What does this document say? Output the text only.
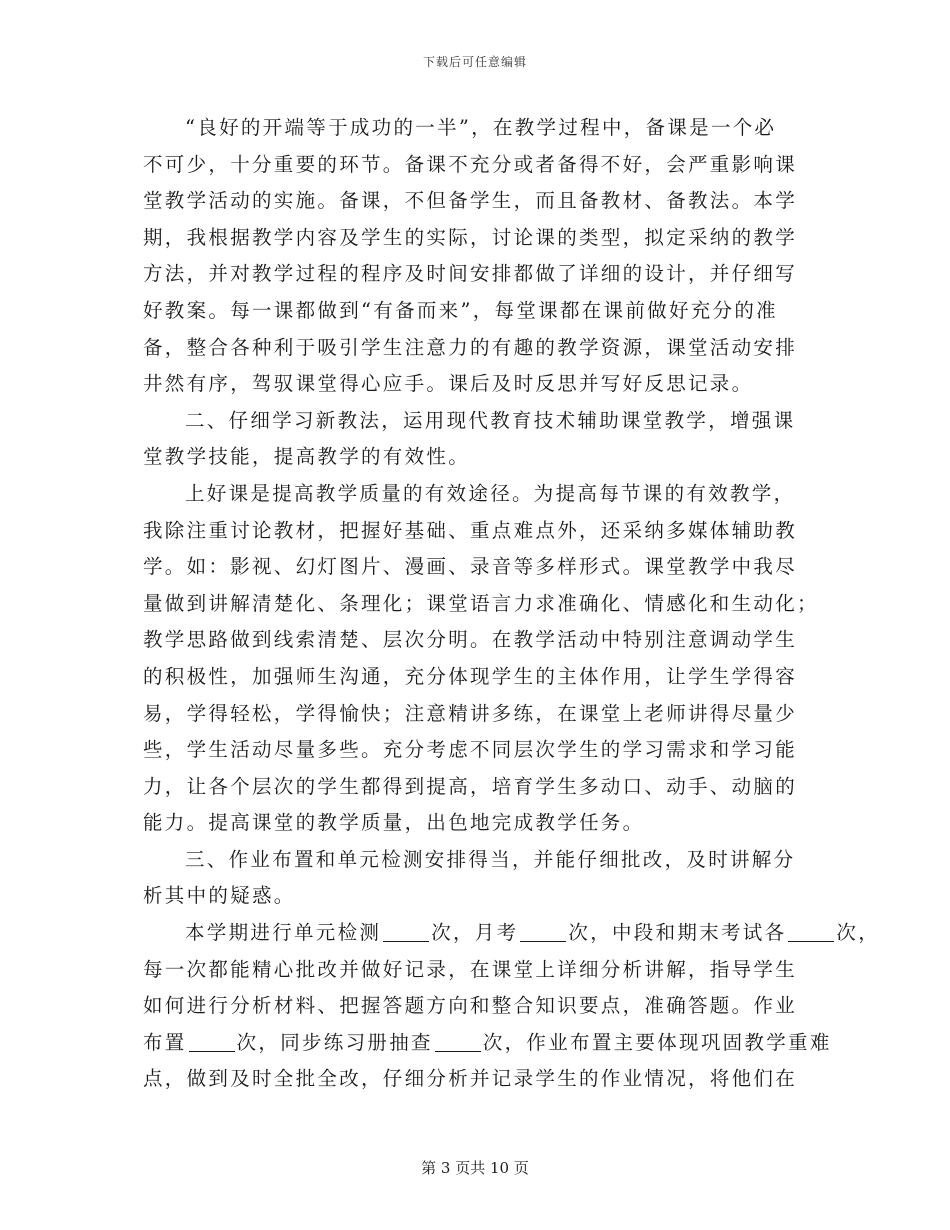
下载后可任意编辑
“良好的开端等于成功的一半”，在教学过程中，备课是一个必
不可少，十分重要的环节。备课不充分或者备得不好，会严重影响课
堂教学活动的实施。备课，不但备学生，而且备教材、备教法。本学
期，我根据教学内容及学生的实际，讨论课的类型，拟定采纳的教学
方法，并对教学过程的程序及时间安排都做了详细的设计，并仔细写
好教案。每一课都做到“有备而来”，每堂课都在课前做好充分的准
备，整合各种利于吸引学生注意力的有趣的教学资源，课堂活动安排
井然有序，驾驭课堂得心应手。课后及时反思并写好反思记录。
二、仔细学习新教法，运用现代教育技术辅助课堂教学，增强课
堂教学技能，提高教学的有效性。
上好课是提高教学质量的有效途径。为提高每节课的有效教学，
我除注重讨论教材，把握好基础、重点难点外，还采纳多媒体辅助教
学。如：影视、幻灯图片、漫画、录音等多样形式。课堂教学中我尽
量做到讲解清楚化、条理化；课堂语言力求准确化、情感化和生动化；
教学思路做到线索清楚、层次分明。在教学活动中特别注意调动学生
的积极性，加强师生沟通，充分体现学生的主体作用，让学生学得容
易，学得轻松，学得愉快；注意精讲多练，在课堂上老师讲得尽量少
些，学生活动尽量多些。充分考虑不同层次学生的学习需求和学习能
力，让各个层次的学生都得到提高，培育学生多动口、动手、动脑的
能力。提高课堂的教学质量，出色地完成教学任务。
三、作业布置和单元检测安排得当，并能仔细批改，及时讲解分
析其中的疑惑。
本学期进行单元检测	次，月考	次，中段和期末考试各	次，
每一次都能精心批改并做好记录，在课堂上详细分析讲解，指导学生
如何进行分析材料、把握答题方向和整合知识要点，准确答题。作业
布置	次，同步练习册抽查	次，作业布置主要体现巩固教学重难
点，做到及时全批全改，仔细分析并记录学生的作业情况，将他们在
第 3 页共 10 页
